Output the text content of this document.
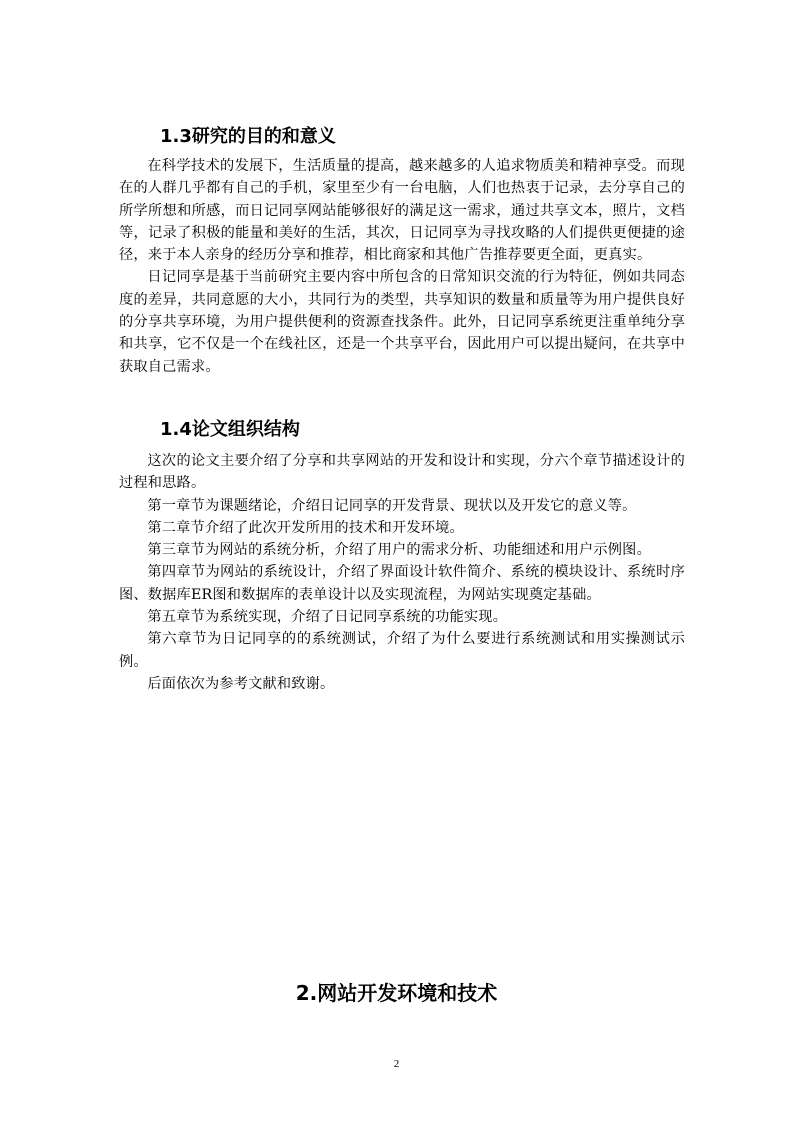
1.3研究的目的和意义

在科学技术的发展下，生活质量的提高，越来越多的人追求物质美和精神享受。而现在的人群几乎都有自己的手机，家里至少有一台电脑，人们也热衷于记录，去分享自己的所学所想和所感，而日记同享网站能够很好的满足这一需求，通过共享文本，照片，文档等，记录了积极的能量和美好的生活，其次，日记同享为寻找攻略的人们提供更便捷的途径，来于本人亲身的经历分享和推荐，相比商家和其他广告推荐要更全面，更真实。

日记同享是基于当前研究主要内容中所包含的日常知识交流的行为特征，例如共同态度的差异，共同意愿的大小，共同行为的类型，共享知识的数量和质量等为用户提供良好的分享共享环境，为用户提供便利的资源查找条件。此外，日记同享系统更注重单纯分享和共享，它不仅是一个在线社区，还是一个共享平台，因此用户可以提出疑问，在共享中获取自己需求。

1.4论文组织结构

这次的论文主要介绍了分享和共享网站的开发和设计和实现，分六个章节描述设计的过程和思路。

第一章节为课题绪论，介绍日记同享的开发背景、现状以及开发它的意义等。

第二章节介绍了此次开发所用的技术和开发环境。

第三章节为网站的系统分析，介绍了用户的需求分析、功能细述和用户示例图。

第四章节为网站的系统设计，介绍了界面设计软件简介、系统的模块设计、系统时序图、数据库ER图和数据库的表单设计以及实现流程，为网站实现奠定基础。

第五章节为系统实现，介绍了日记同享系统的功能实现。

第六章节为日记同享的的系统测试，介绍了为什么要进行系统测试和用实操测试示例。

后面依次为参考文献和致谢。

2.网站开发环境和技术
2
